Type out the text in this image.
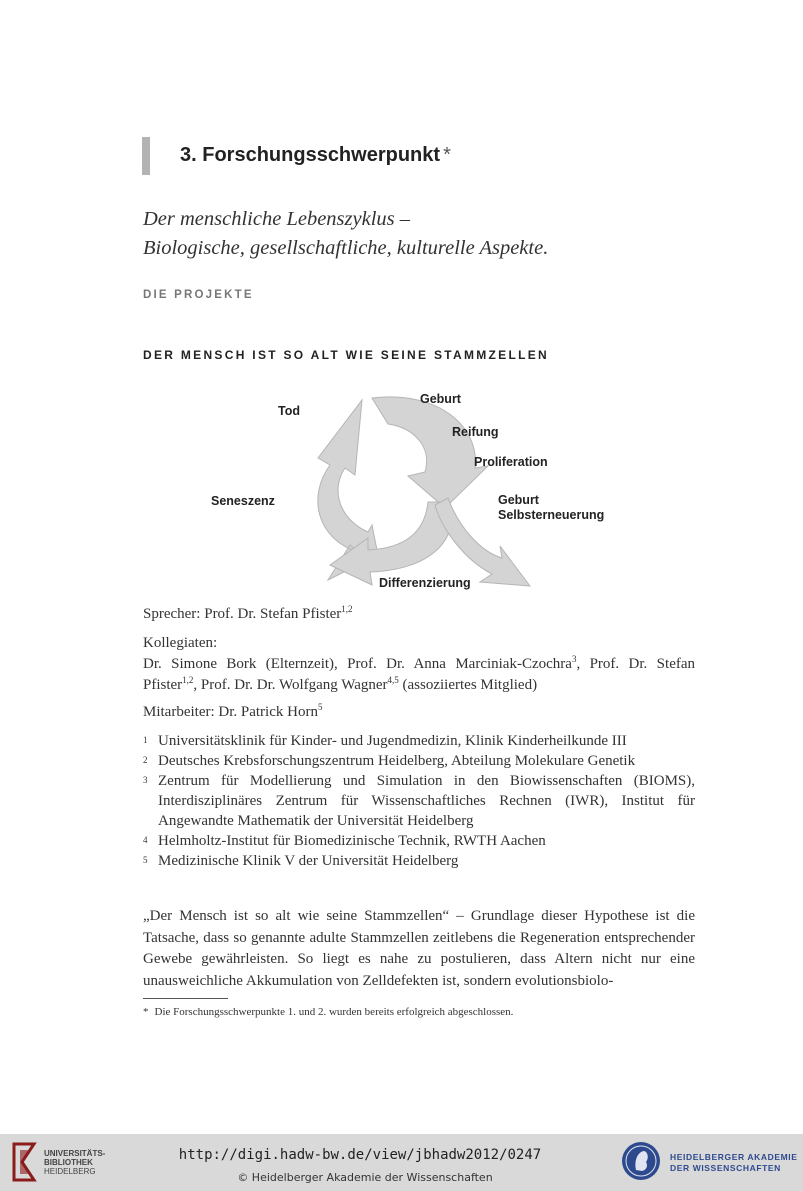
3. Forschungsschwerpunkt *
Der menschliche Lebenszyklus –
Biologische, gesellschaftliche, kulturelle Aspekte.
DIE PROJEKTE
DER MENSCH IST SO ALT WIE SEINE STAMMZELLEN
Tod
Geburt
Reifung
Proliferation
Seneszenz	Geburt
Selbsterneuerung
Differenzierung
Sprecher: Prof. Dr. Stefan Pfister$^{1,2}$
Kollegiaten:
Dr. Simone Bork (Elternzeit), Prof. Dr. Anna Marciniak-Czochra$^3$, Prof. Dr. Stefan Pfister$^{1,2}$, Prof. Dr. Dr. Wolfgang Wagner$^{4,5}$ (assoziiertes Mitglied)
Mitarbeiter: Dr. Patrick Horn$^5$
1 Universitätsklinik für Kinder- und Jugendmedizin, Klinik Kinderheilkunde III
2 Deutsches Krebsforschungszentrum Heidelberg, Abteilung Molekulare Genetik
3 Zentrum für Modellierung und Simulation in den Biowissenschaften (BIOMS), Interdisziplinäres Zentrum für Wissenschaftliches Rechnen (IWR), Institut für Angewandte Mathematik der Universität Heidelberg
4 Helmholtz-Institut für Biomedizinische Technik, RWTH Aachen
5 Medizinische Klinik V der Universität Heidelberg
„Der Mensch ist so alt wie seine Stammzellen“ – Grundlage dieser Hypothese ist die Tatsache, dass so genannte adulte Stammzellen zeitlebens die Regeneration entsprechender Gewebe gewährleisten. So liegt es nahe zu postulieren, dass Altern nicht nur eine unausweichliche Akkumulation von Zelldefekten ist, sondern evolutionsbiolo-
* Die Forschungsschwerpunkte 1. und 2. wurden bereits erfolgreich abgeschlossen.
UNIVERSITÄTS-
BIBLIOTHEK
HEIDELBERG
http://digi.hadw-bw.de/view/jbhadw2012/0247
© Heidelberger Akademie der Wissenschaften
HEIDELBERGER AKADEMIE
DER WISSENSCHAFTEN
